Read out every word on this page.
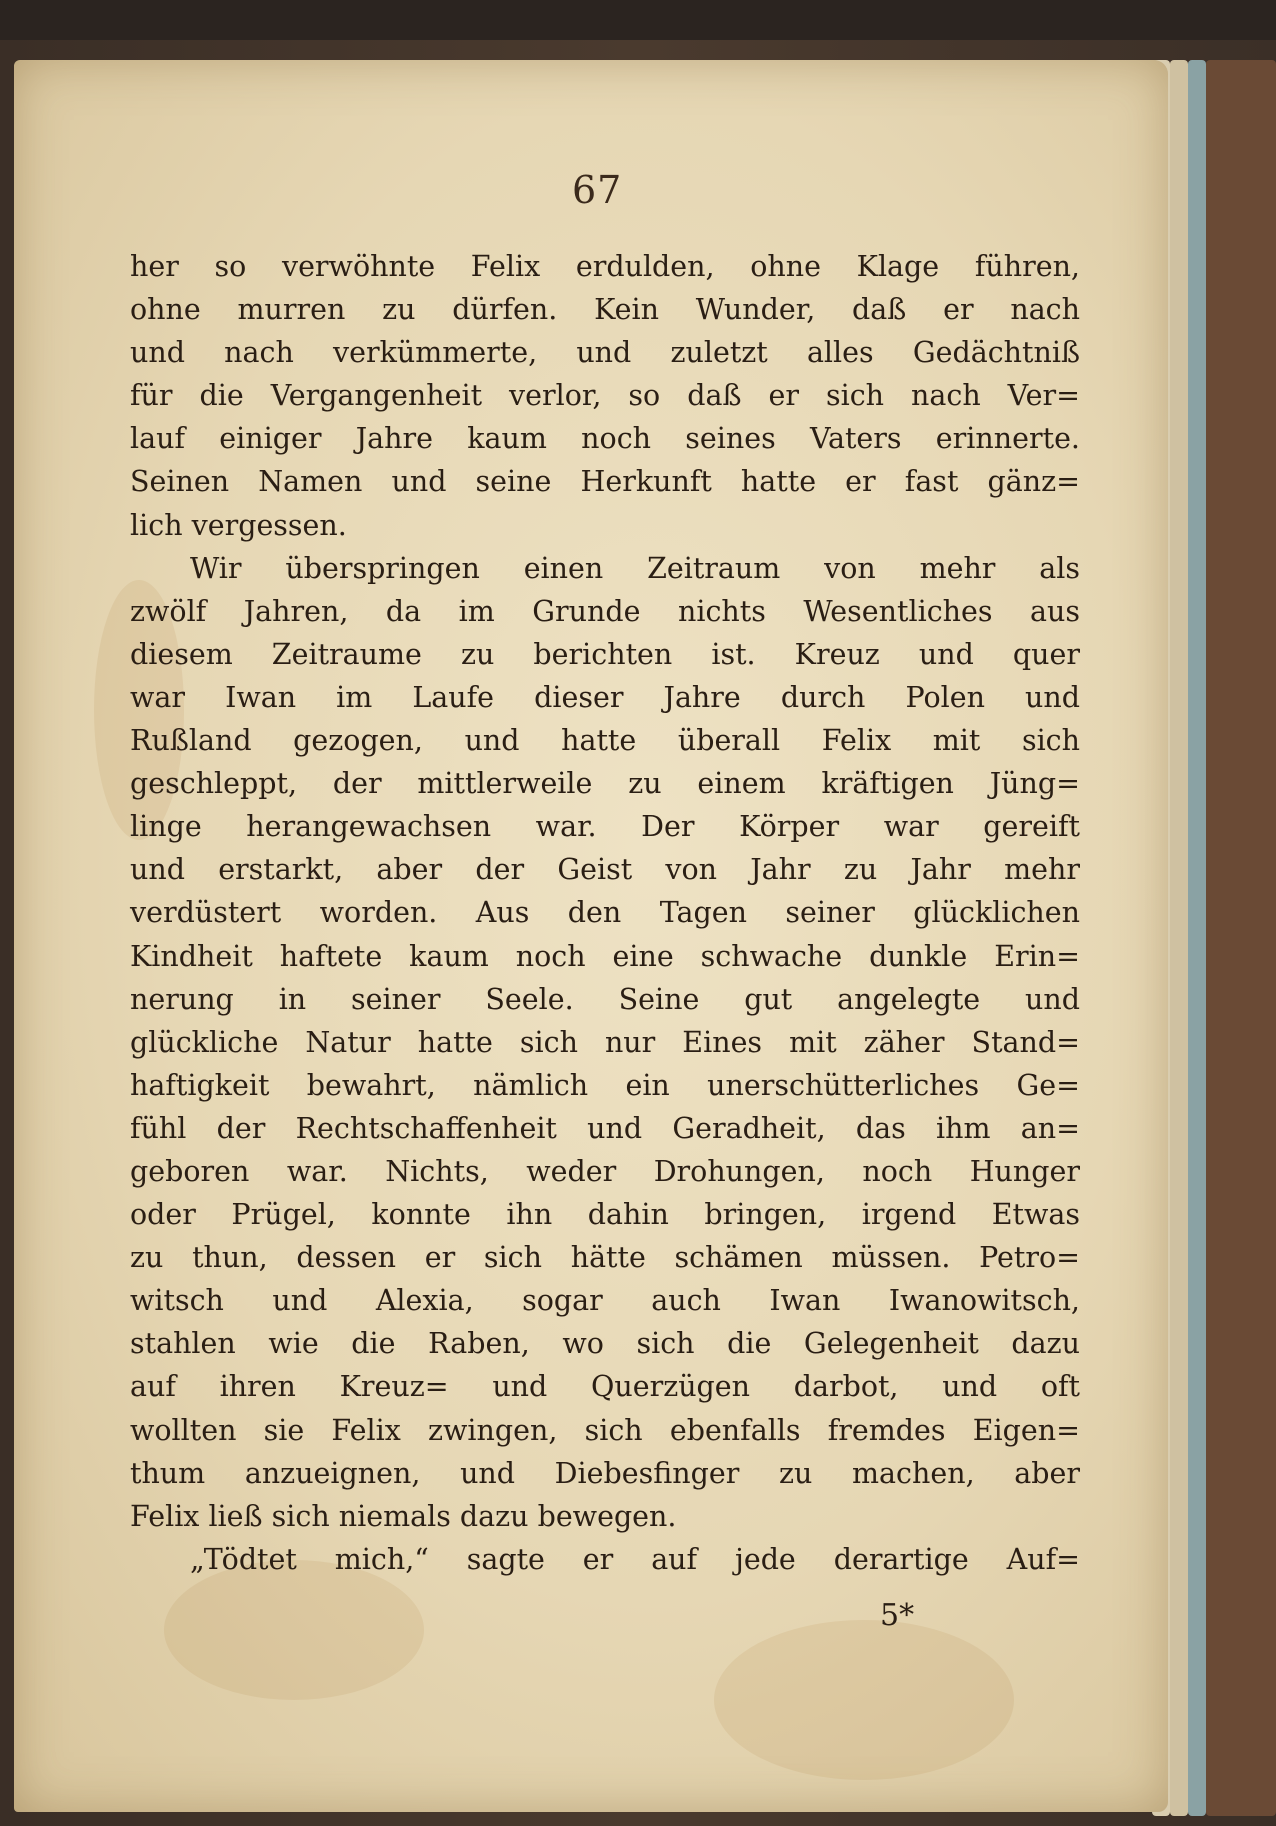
67
her so verwöhnte Felix erdulden, ohne Klage führen,
ohne murren zu dürfen. Kein Wunder, daß er nach
und nach verkümmerte, und zuletzt alles Gedächtniß
für die Vergangenheit verlor, so daß er sich nach Ver=
lauf einiger Jahre kaum noch seines Vaters erinnerte.
Seinen Namen und seine Herkunft hatte er fast gänz=
lich vergessen.
Wir überspringen einen Zeitraum von mehr als
zwölf Jahren, da im Grunde nichts Wesentliches aus
diesem Zeitraume zu berichten ist. Kreuz und quer
war Iwan im Laufe dieser Jahre durch Polen und
Rußland gezogen, und hatte überall Felix mit sich
geschleppt, der mittlerweile zu einem kräftigen Jüng=
linge herangewachsen war. Der Körper war gereift
und erstarkt, aber der Geist von Jahr zu Jahr mehr
verdüstert worden. Aus den Tagen seiner glücklichen
Kindheit haftete kaum noch eine schwache dunkle Erin=
nerung in seiner Seele. Seine gut angelegte und
glückliche Natur hatte sich nur Eines mit zäher Stand=
haftigkeit bewahrt, nämlich ein unerschütterliches Ge=
fühl der Rechtschaffenheit und Geradheit, das ihm an=
geboren war. Nichts, weder Drohungen, noch Hunger
oder Prügel, konnte ihn dahin bringen, irgend Etwas
zu thun, dessen er sich hätte schämen müssen. Petro=
witsch und Alexia, sogar auch Iwan Iwanowitsch,
stahlen wie die Raben, wo sich die Gelegenheit dazu
auf ihren Kreuz= und Querzügen darbot, und oft
wollten sie Felix zwingen, sich ebenfalls fremdes Eigen=
thum anzueignen, und Diebesfinger zu machen, aber
Felix ließ sich niemals dazu bewegen.
„Tödtet mich,“ sagte er auf jede derartige Auf=
5*
